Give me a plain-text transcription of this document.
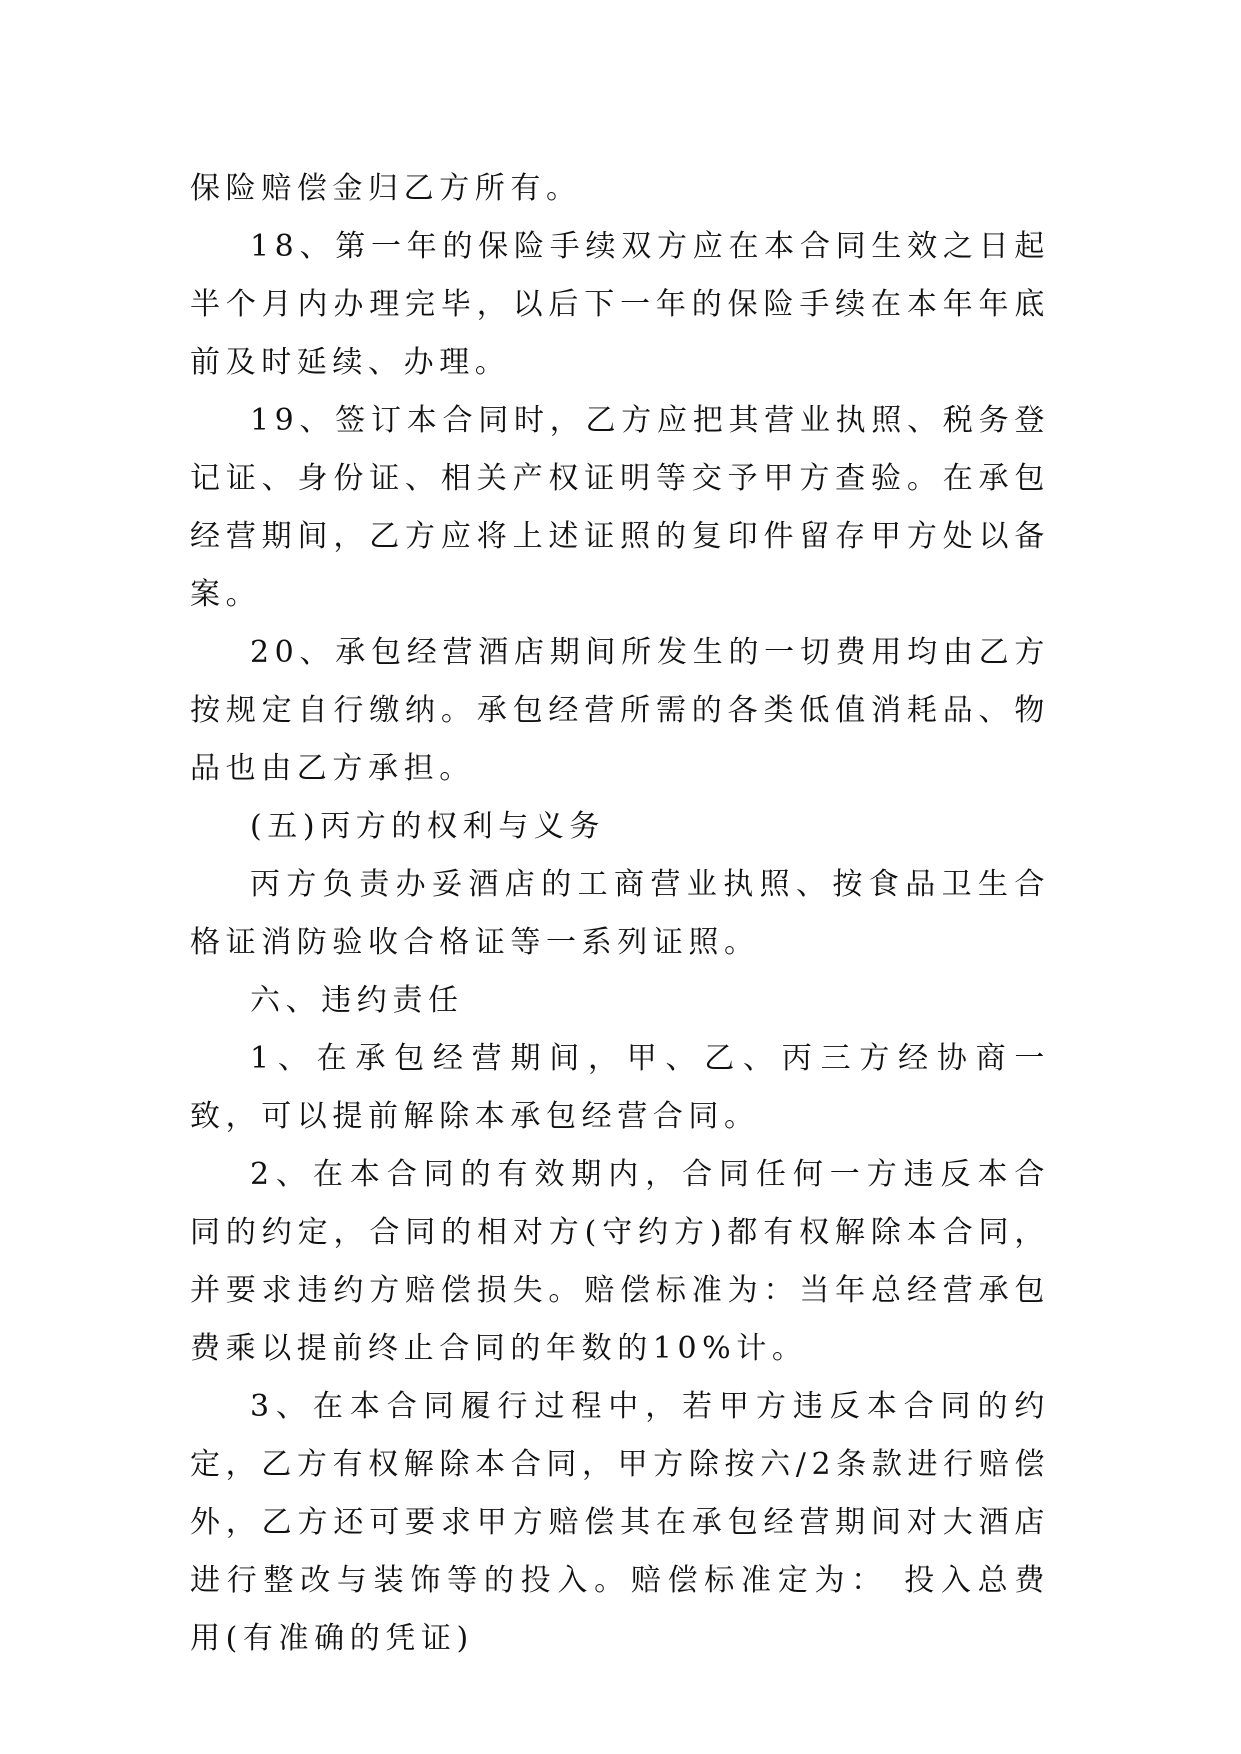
保险赔偿金归乙方所有。

18、第一年的保险手续双方应在本合同生效之日起半个月内办理完毕，以后下一年的保险手续在本年年底前及时延续、办理。

19、签订本合同时，乙方应把其营业执照、税务登记证、身份证、相关产权证明等交予甲方查验。在承包经营期间，乙方应将上述证照的复印件留存甲方处以备案。

20、承包经营酒店期间所发生的一切费用均由乙方按规定自行缴纳。承包经营所需的各类低值消耗品、物品也由乙方承担。

(五)丙方的权利与义务

丙方负责办妥酒店的工商营业执照、按食品卫生合格证消防验收合格证等一系列证照。

六、违约责任

1、在承包经营期间，甲、乙、丙三方经协商一致，可以提前解除本承包经营合同。

2、在本合同的有效期内，合同任何一方违反本合同的约定，合同的相对方(守约方)都有权解除本合同，并要求违约方赔偿损失。赔偿标准为：当年总经营承包费乘以提前终止合同的年数的10%计。

3、在本合同履行过程中，若甲方违反本合同的约定，乙方有权解除本合同，甲方除按六/2条款进行赔偿外，乙方还可要求甲方赔偿其在承包经营期间对大酒店进行整改与装饰等的投入。赔偿标准定为： 投入总费用(有准确的凭证)
